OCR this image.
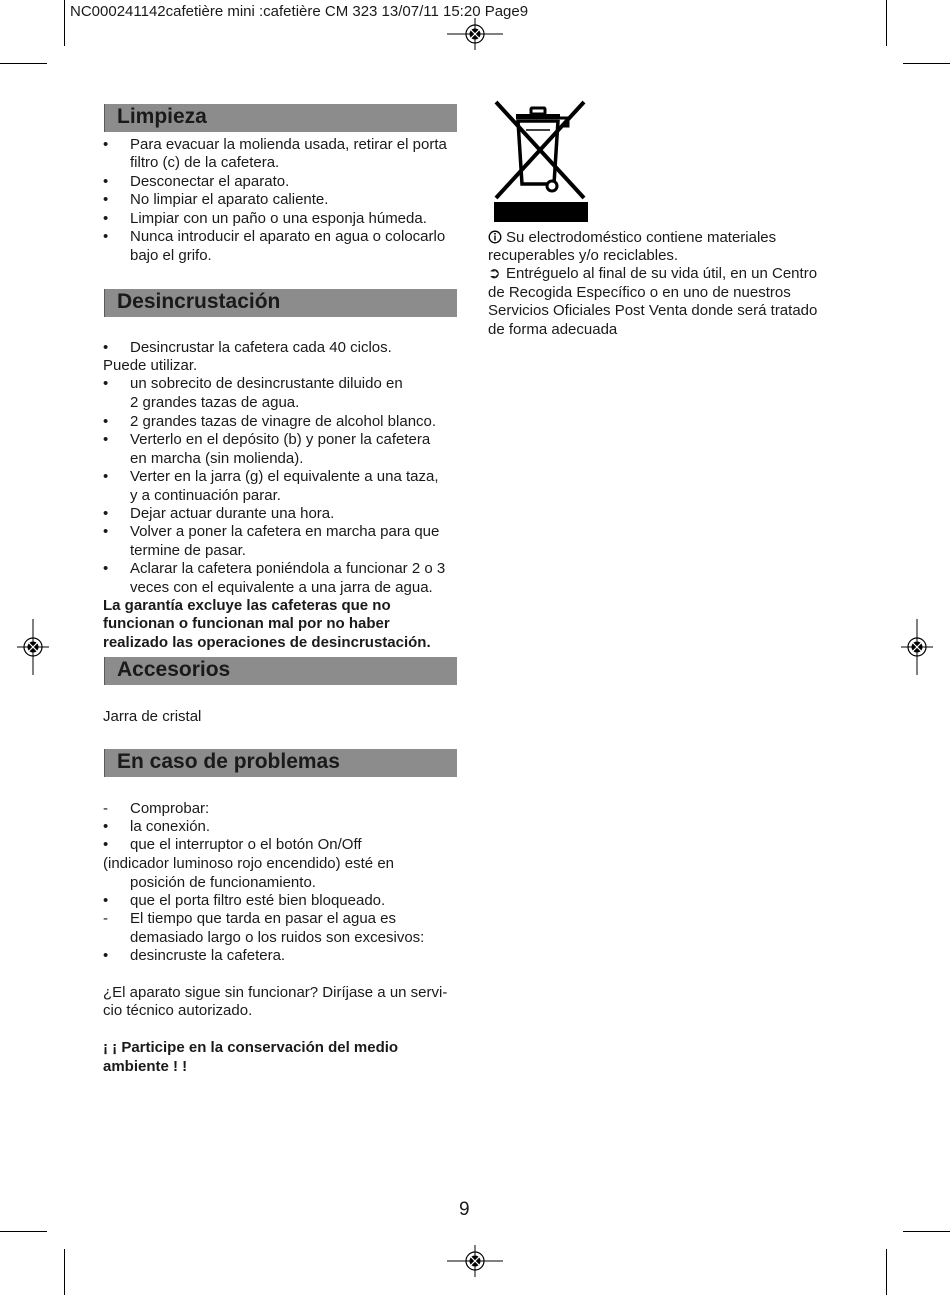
NC000241142cafetière mini :cafetière CM 323 13/07/11 15:20 Page9
Limpieza
•	Para evacuar la molienda usada, retirar el porta
filtro (c) de la cafetera.
•	Desconectar el aparato.
•	No limpiar el aparato caliente.
•	Limpiar con un paño o una esponja húmeda.
•	Nunca introducir el aparato en agua o colocarlo
bajo el grifo.
Desincrustación
•	Desincrustar la cafetera cada 40 ciclos.
Puede utilizar.
•	un sobrecito de desincrustante diluido en
2 grandes tazas de agua.
•	2 grandes tazas de vinagre de alcohol blanco.
•	Verterlo en el depósito (b) y poner la cafetera
en marcha (sin molienda).
•	Verter en la jarra (g) el equivalente a una taza,
y a continuación parar.
•	Dejar actuar durante una hora.
•	Volver a poner la cafetera en marcha para que
termine de pasar.
•	Aclarar la cafetera poniéndola a funcionar 2 o 3
veces con el equivalente a una jarra de agua.
La garantía excluye las cafeteras que no
funcionan o funcionan mal por no haber
realizado las operaciones de desincrustación.
Accesorios
Jarra de cristal
En caso de problemas
-	Comprobar:
•	la conexión.
•	que el interruptor o el botón On/Off
(indicador luminoso rojo encendido) esté en
posición de funcionamiento.
•	que el porta filtro esté bien bloqueado.
-	El tiempo que tarda en pasar el agua es
demasiado largo o los ruidos son excesivos:
•	desincruste la cafetera.
¿El aparato sigue sin funcionar? Diríjase a un servi-
cio técnico autorizado.
¡ ¡ Participe en la conservación del medio
ambiente ! !
Su electrodoméstico contiene materiales
recuperables y/o reciclables.
➲ Entréguelo al final de su vida útil, en un Centro
de Recogida Específico o en uno de nuestros
Servicios Oficiales Post Venta donde será tratado
de forma adecuada
9
